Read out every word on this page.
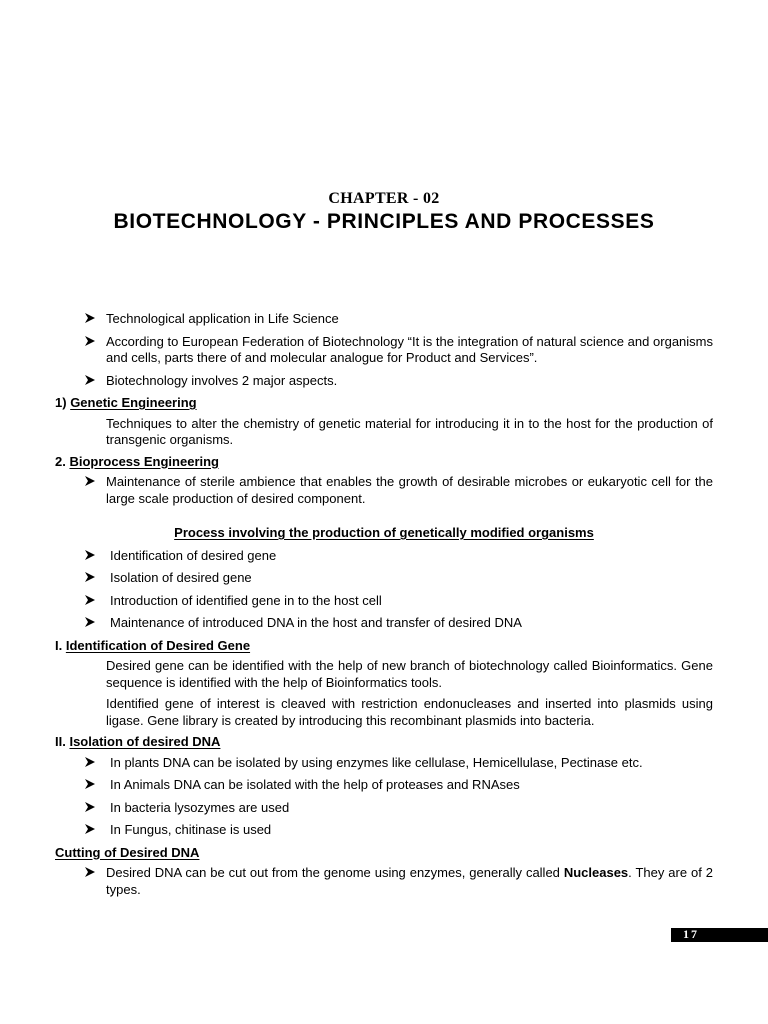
CHAPTER - 02
BIOTECHNOLOGY - PRINCIPLES AND PROCESSES
Technological application in Life Science
According to European Federation of Biotechnology “It is the integration of natural science and organisms and cells, parts there of and molecular analogue for Product and Services”.
Biotechnology involves 2 major aspects.
1) Genetic Engineering
Techniques to alter the chemistry of genetic material for introducing it in to the host for the production of transgenic organisms.
2. Bioprocess Engineering
Maintenance of sterile ambience that enables the growth of desirable microbes or eukaryotic cell for the large scale production of desired component.
Process involving the production of genetically modified organisms
Identification of desired gene
Isolation of desired gene
Introduction of identified gene in to the host cell
Maintenance of introduced DNA in the host and transfer of desired DNA
I. Identification of Desired Gene
Desired gene can be identified with the help of new branch of biotechnology called Bioinformatics. Gene sequence is identified with the help of Bioinformatics tools.
Identified gene of interest is cleaved with restriction endonucleases and inserted into plasmids using ligase. Gene library is created by introducing this recombinant plasmids into bacteria.
II. Isolation of desired DNA
In plants DNA can be isolated by using enzymes like cellulase, Hemicellulase, Pectinase etc.
In Animals DNA can be isolated with the help of proteases and RNAses
In bacteria lysozymes are used
In Fungus, chitinase is used
Cutting of Desired DNA
Desired DNA can be cut out from the genome using enzymes, generally called Nucleases. They are of 2 types.
17
